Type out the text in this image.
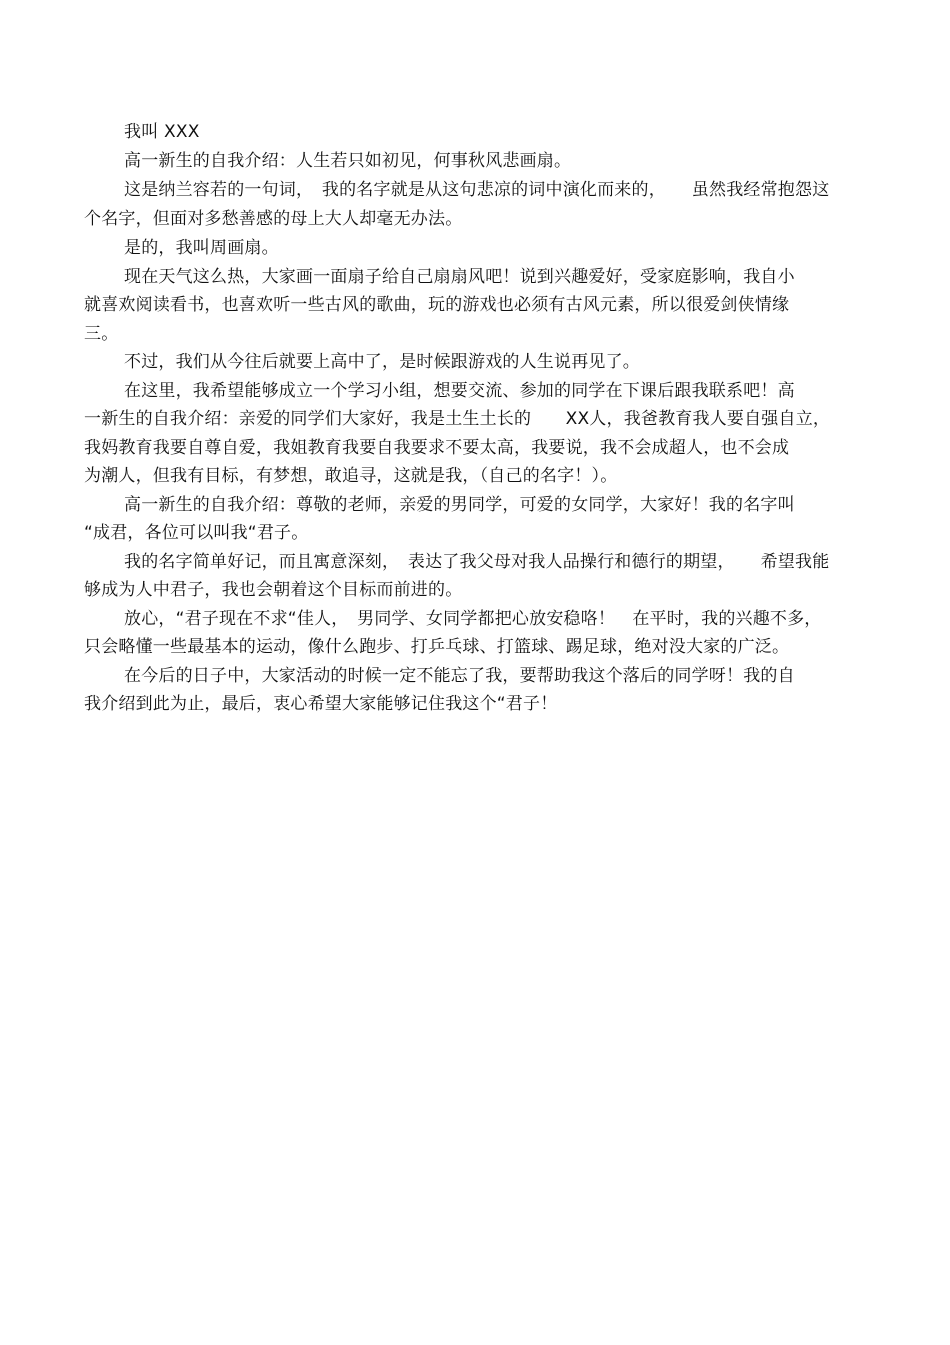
我叫 XXX
高一新生的自我介绍：人生若只如初见，何事秋风悲画扇。
这是纳兰容若的一句词，　我的名字就是从这句悲凉的词中演化而来的，　　虽然我经常抱怨这
个名字，但面对多愁善感的母上大人却毫无办法。
是的，我叫周画扇。
现在天气这么热，大家画一面扇子给自己扇扇风吧！说到兴趣爱好，受家庭影响，我自小
就喜欢阅读看书，也喜欢听一些古风的歌曲，玩的游戏也必须有古风元素，所以很爱剑侠情缘
三。
不过，我们从今往后就要上高中了，是时候跟游戏的人生说再见了。
在这里，我希望能够成立一个学习小组，想要交流、参加的同学在下课后跟我联系吧！高
一新生的自我介绍：亲爱的同学们大家好，我是土生土长的　　XX人，我爸教育我人要自强自立，
我妈教育我要自尊自爱，我姐教育我要自我要求不要太高，我要说，我不会成超人，也不会成
为潮人，但我有目标，有梦想，敢追寻，这就是我，（自己的名字！）。
高一新生的自我介绍：尊敬的老师，亲爱的男同学，可爱的女同学，大家好！我的名字叫
“成君，各位可以叫我“君子。
我的名字简单好记，而且寓意深刻，　表达了我父母对我人品操行和德行的期望，　　希望我能
够成为人中君子，我也会朝着这个目标而前进的。
放心，“君子现在不求“佳人，　男同学、女同学都把心放安稳咯！　在平时，我的兴趣不多，
只会略懂一些最基本的运动，像什么跑步、打乒乓球、打篮球、踢足球，绝对没大家的广泛。
在今后的日子中，大家活动的时候一定不能忘了我，要帮助我这个落后的同学呀！我的自
我介绍到此为止，最后，衷心希望大家能够记住我这个“君子！
